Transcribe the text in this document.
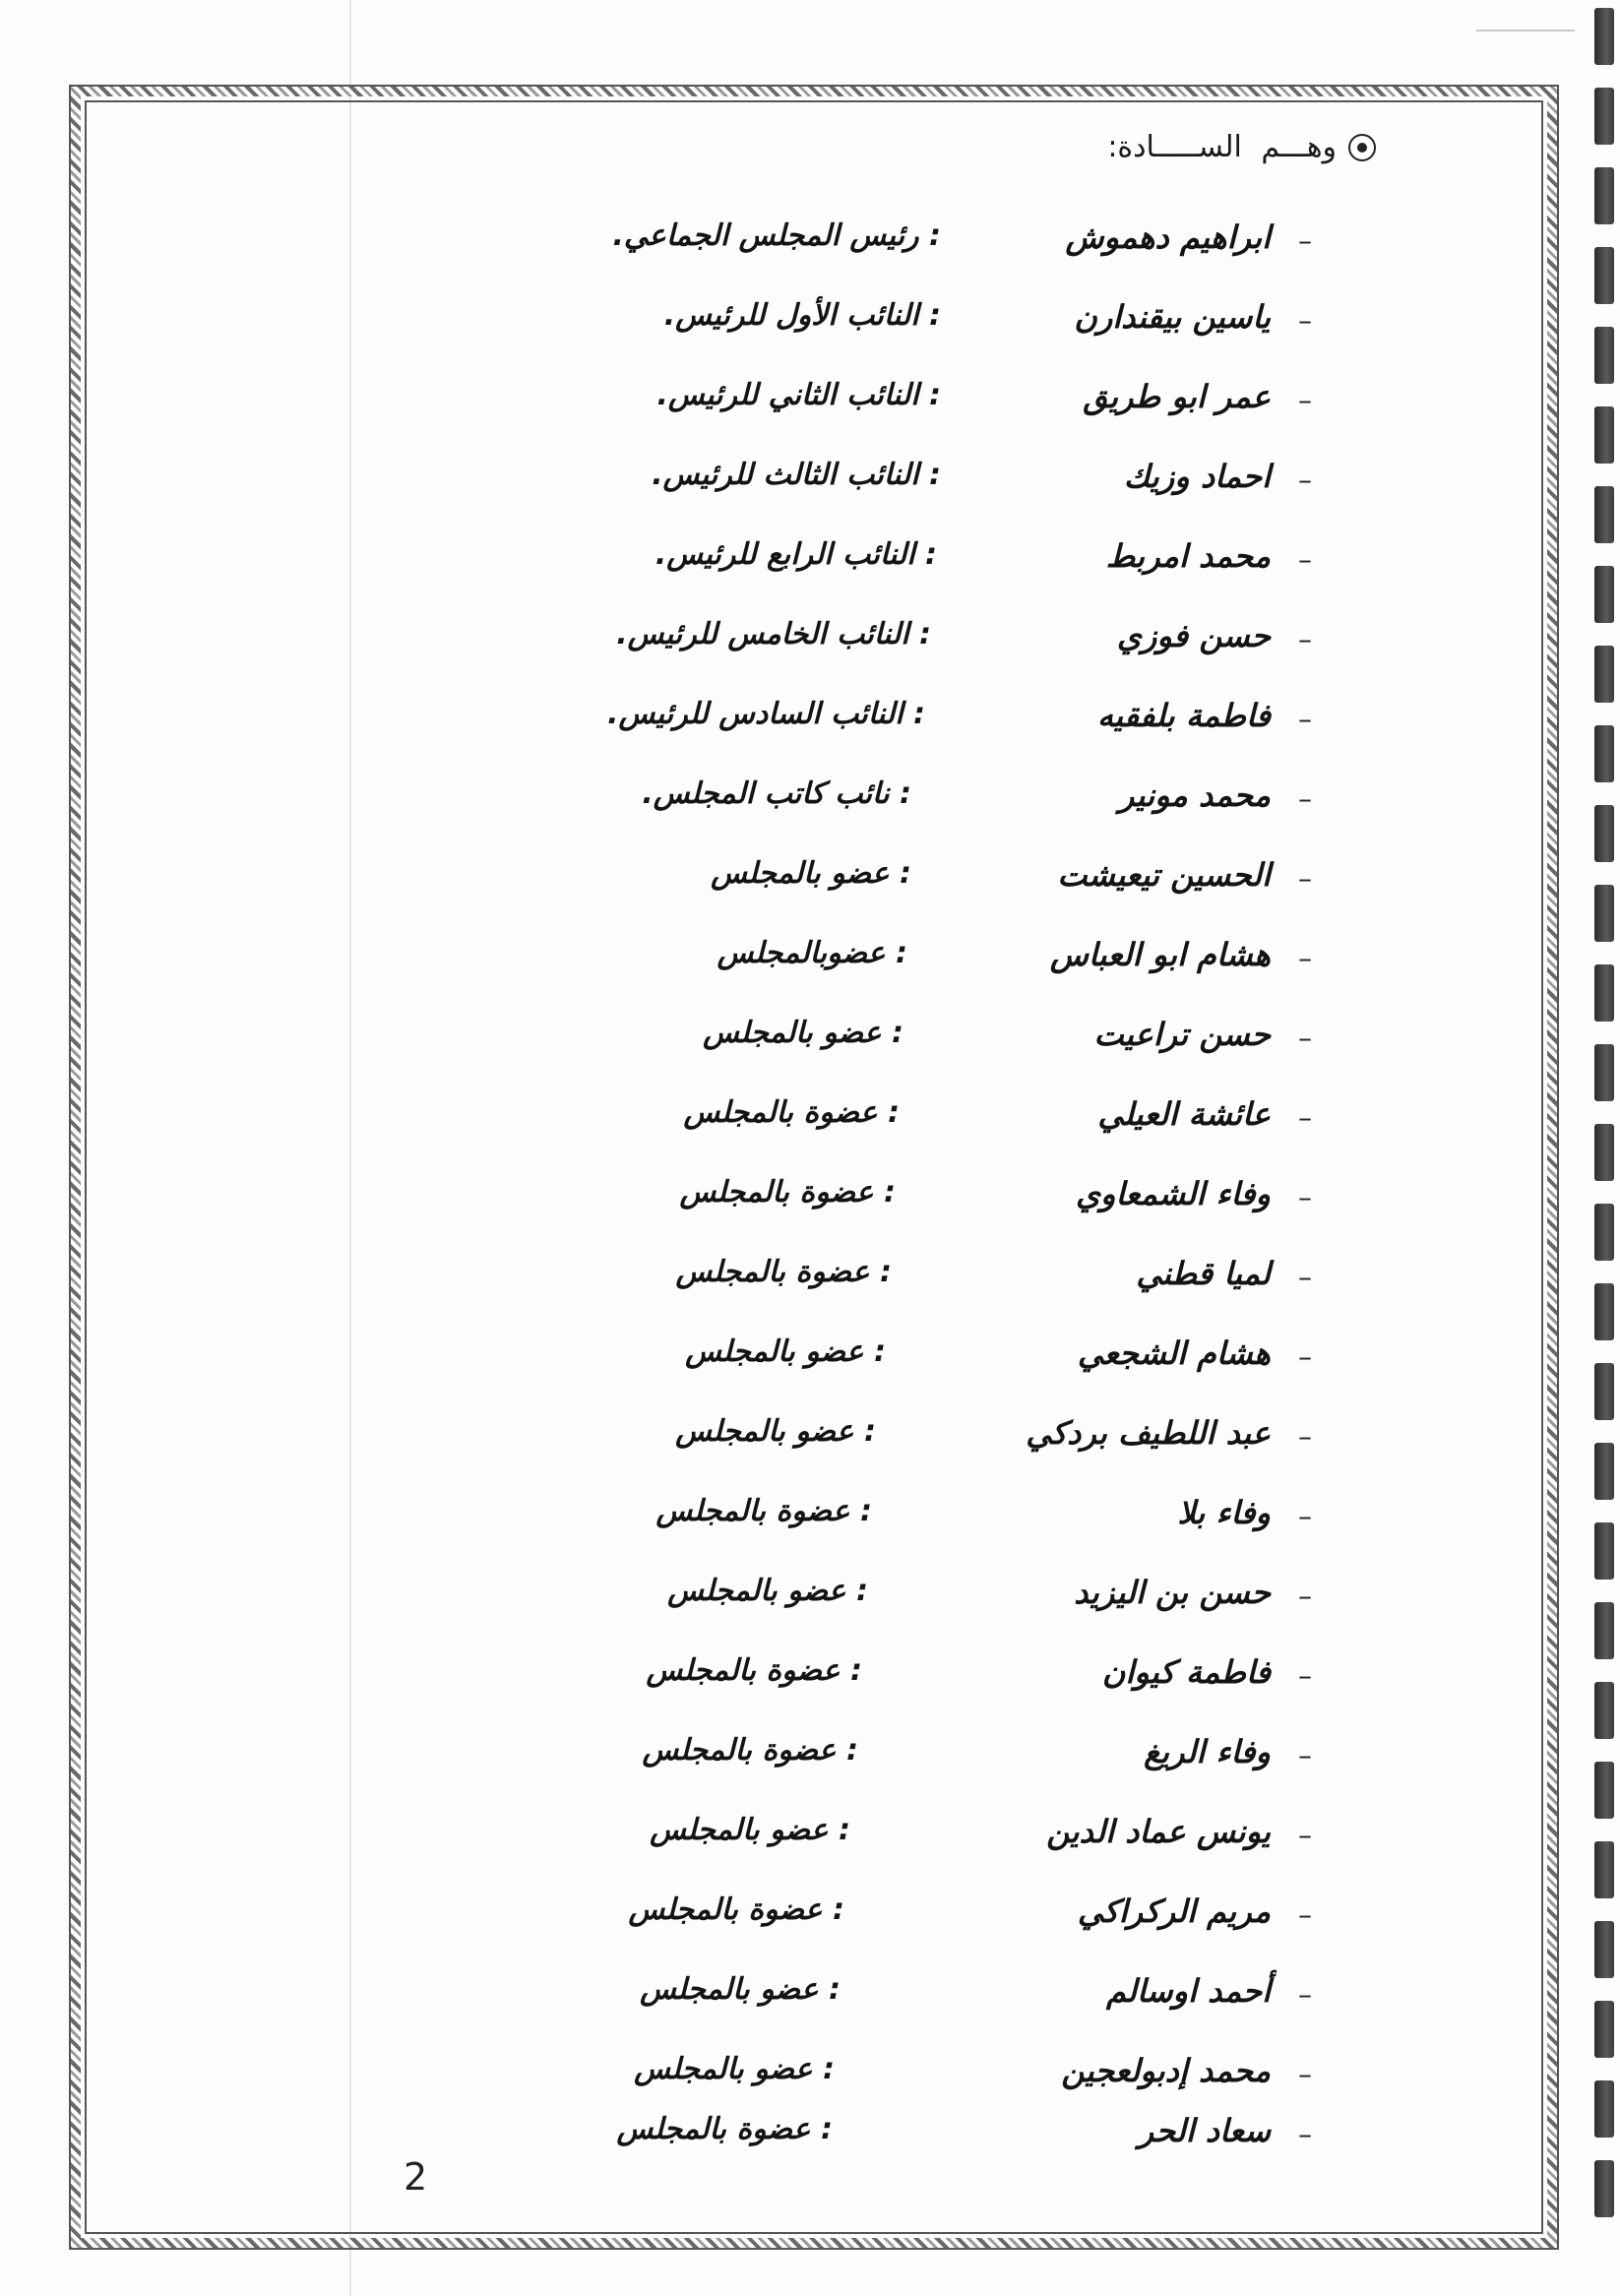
وهـــم الســـــادة:
–
ابراهيم دهموش
: رئيس المجلس الجماعي.
–
ياسين بيقندارن
: النائب الأول للرئيس.
–
عمر ابو طريق
: النائب الثاني للرئيس.
–
احماد وزيك
: النائب الثالث للرئيس.
–
محمد امربط
: النائب الرابع للرئيس.
–
حسن فوزي
: النائب الخامس للرئيس.
–
فاطمة بلفقيه
: النائب السادس للرئيس.
–
محمد مونير
: نائب كاتب المجلس.
–
الحسين تيعيشت
: عضو بالمجلس
–
هشام ابو العباس
: عضوبالمجلس
–
حسن تراعيت
: عضو بالمجلس
–
عائشة العيلي
: عضوة بالمجلس
–
وفاء الشمعاوي
: عضوة بالمجلس
–
لميا قطني
: عضوة بالمجلس
–
هشام الشجعي
: عضو بالمجلس
–
عبد اللطيف بردكي
: عضو بالمجلس
–
وفاء بلا
: عضوة بالمجلس
–
حسن بن اليزيد
: عضو بالمجلس
–
فاطمة كيوان
: عضوة بالمجلس
–
وفاء الريغ
: عضوة بالمجلس
–
يونس عماد الدين
: عضو بالمجلس
–
مريم الركراكي
: عضوة بالمجلس
–
أحمد اوسالم
: عضو بالمجلس
–
محمد إدبولعجين
: عضو بالمجلس
–
سعاد الحر
: عضوة بالمجلس
2
